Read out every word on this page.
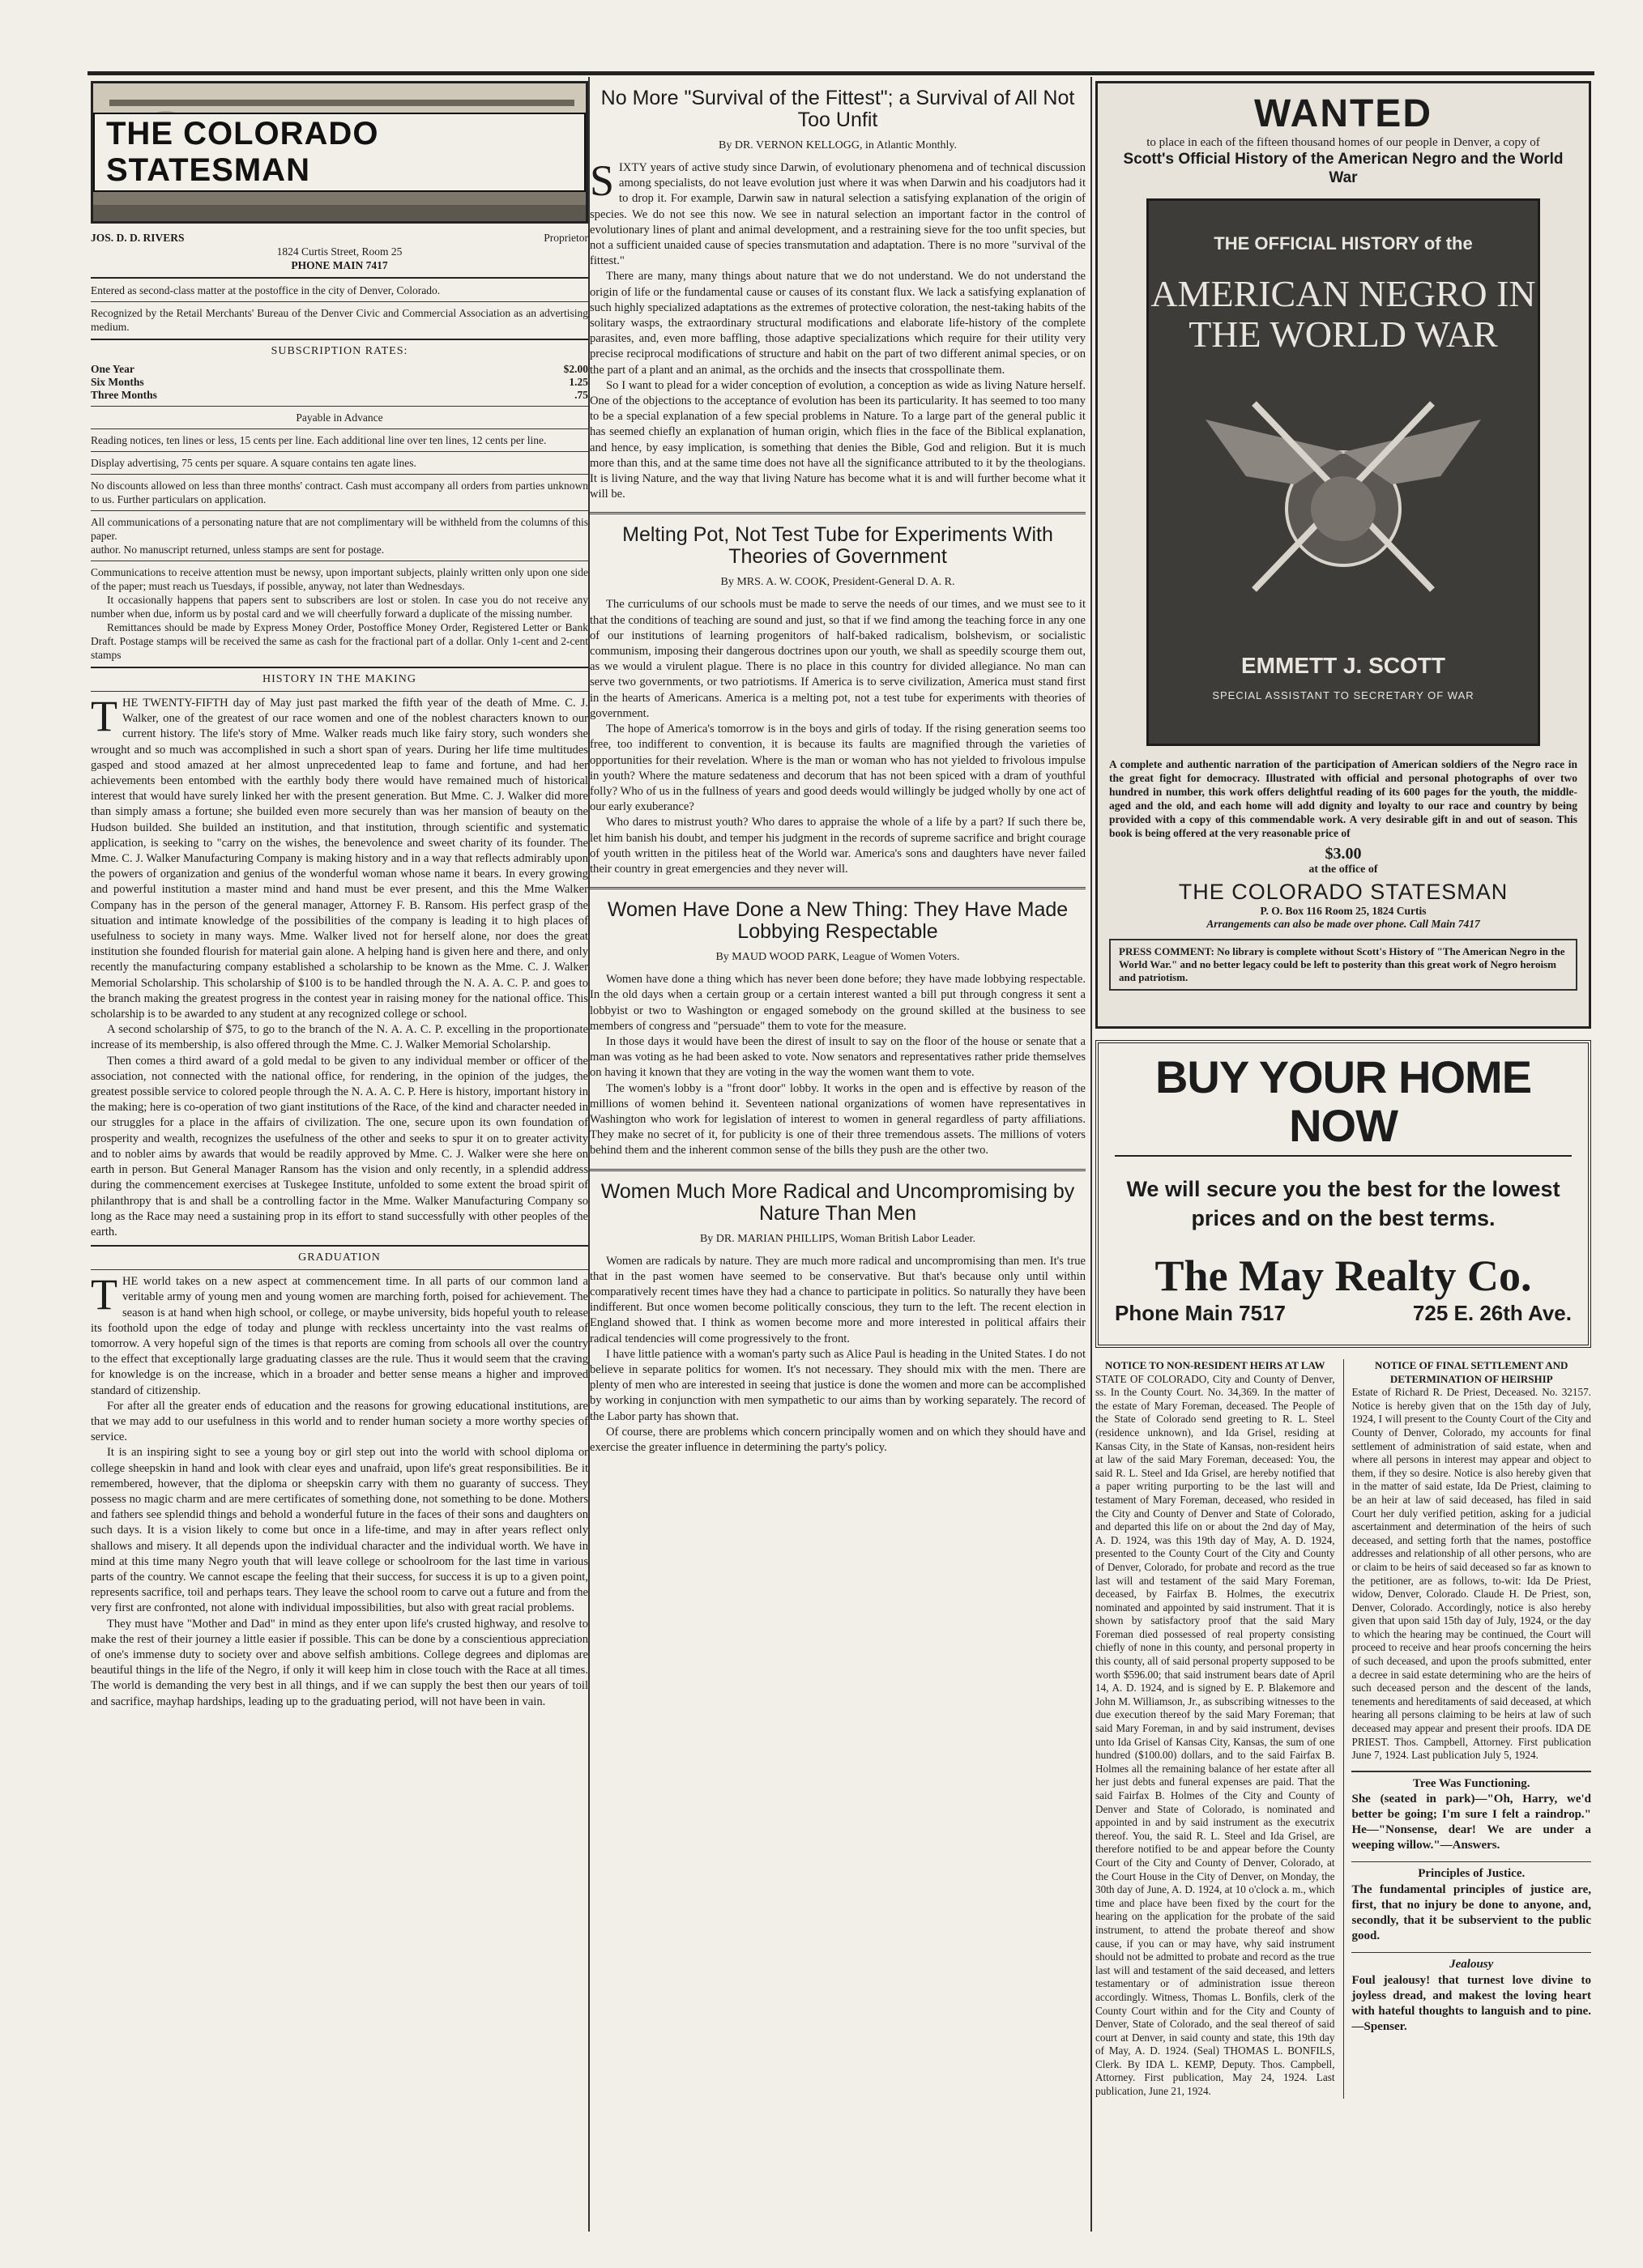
THE COLORADO STATESMAN
JOS. D. D. RIVERS	Proprietor
1824 Curtis Street, Room 25
PHONE MAIN 7417
Entered as second-class matter at the postoffice in the city of Denver, Colorado.
Recognized by the Retail Merchants' Bureau of the Denver Civic and Commercial Association as an advertising medium.
SUBSCRIPTION RATES:
One Year	$2.00
Six Months	1.25
Three Months	.75
Payable in Advance
Reading notices, ten lines or less, 15 cents per line. Each additional line over ten lines, 12 cents per line.
Display advertising, 75 cents per square. A square contains ten agate lines.
No discounts allowed on less than three months' contract. Cash must accompany all orders from parties unknown to us. Further particulars on application.
All communications of a personating nature that are not complimentary will be withheld from the columns of this paper.
author. No manuscript returned, unless stamps are sent for postage.
Communications to receive attention must be newsy, upon important subjects, plainly written only upon one side of the paper; must reach us Tuesdays, if possible, anyway, not later than Wednesdays.
It occasionally happens that papers sent to subscribers are lost or stolen. In case you do not receive any number when due, inform us by postal card and we will cheerfully forward a duplicate of the missing number.
Remittances should be made by Express Money Order, Postoffice Money Order, Registered Letter or Bank Draft. Postage stamps will be received the same as cash for the fractional part of a dollar. Only 1-cent and 2-cent stamps
HISTORY IN THE MAKING
T HE TWENTY-FIFTH day of May just past marked the fifth year of the death of Mme. C. J. Walker, one of the greatest of our race women and one of the noblest characters known to our current history. The life's story of Mme. Walker reads much like fairy story, such wonders she wrought and so much was accomplished in such a short span of years. During her life time multitudes gasped and stood amazed at her almost unprecedented leap to fame and fortune, and had her achievements been entombed with the earthly body there would have remained much of historical interest that would have surely linked her with the present generation. But Mme. C. J. Walker did more than simply amass a fortune; she builded even more securely than was her mansion of beauty on the Hudson builded. She builded an institution, and that institution, through scientific and systematic application, is seeking to "carry on the wishes, the benevolence and sweet charity of its founder. The Mme. C. J. Walker Manufacturing Company is making history and in a way that reflects admirably upon the powers of organization and genius of the wonderful woman whose name it bears. In every growing and powerful institution a master mind and hand must be ever present, and this the Mme Walker Company has in the person of the general manager, Attorney F. B. Ransom. His perfect grasp of the situation and intimate knowledge of the possibilities of the company is leading it to high places of usefulness to society in many ways. Mme. Walker lived not for herself alone, nor does the great institution she founded flourish for material gain alone. A helping hand is given here and there, and only recently the manufacturing company established a scholarship to be known as the Mme. C. J. Walker Memorial Scholarship. This scholarship of $100 is to be handled through the N. A. A. C. P. and goes to the branch making the greatest progress in the contest year in raising money for the national office. This scholarship is to be awarded to any student at any recognized college or school.

A second scholarship of $75, to go to the branch of the N. A. A. C. P. excelling in the proportionate increase of its membership, is also offered through the Mme. C. J. Walker Memorial Scholarship.

Then comes a third award of a gold medal to be given to any individual member or officer of the association, not connected with the national office, for rendering, in the opinion of the judges, the greatest possible service to colored people through the N. A. A. C. P. Here is history, important history in the making; here is co-operation of two giant institutions of the Race, of the kind and character needed in our struggles for a place in the affairs of civilization. The one, secure upon its own foundation of prosperity and wealth, recognizes the usefulness of the other and seeks to spur it on to greater activity and to nobler aims by awards that would be readily approved by Mme. C. J. Walker were she here on earth in person. But General Manager Ransom has the vision and only recently, in a splendid address during the commencement exercises at Tuskegee Institute, unfolded to some extent the broad spirit of philanthropy that is and shall be a controlling factor in the Mme. Walker Manufacturing Company so long as the Race may need a sustaining prop in its effort to stand successfully with other peoples of the earth.

GRADUATION
T HE world takes on a new aspect at commencement time. In all parts of our common land a veritable army of young men and young women are marching forth, poised for achievement. The season is at hand when high school, or college, or maybe university, bids hopeful youth to release its foothold upon the edge of today and plunge with reckless uncertainty into the vast realms of tomorrow. A very hopeful sign of the times is that reports are coming from schools all over the country to the effect that exceptionally large graduating classes are the rule. Thus it would seem that the craving for knowledge is on the increase, which in a broader and better sense means a higher and improved standard of citizenship.

For after all the greater ends of education and the reasons for growing educational institutions, are that we may add to our usefulness in this world and to render human society a more worthy species of service.

It is an inspiring sight to see a young boy or girl step out into the world with school diploma or college sheepskin in hand and look with clear eyes and unafraid, upon life's great responsibilities. Be it remembered, however, that the diploma or sheepskin carry with them no guaranty of success. They possess no magic charm and are mere certificates of something done, not something to be done. Mothers and fathers see splendid things and behold a wonderful future in the faces of their sons and daughters on such days. It is a vision likely to come but once in a life-time, and may in after years reflect only shallows and misery. It all depends upon the individual character and the individual worth. We have in mind at this time many Negro youth that will leave college or schoolroom for the last time in various parts of the country. We cannot escape the feeling that their success, for success it is up to a given point, represents sacrifice, toil and perhaps tears. They leave the school room to carve out a future and from the very first are confronted, not alone with individual impossibilities, but also with great racial problems.

They must have "Mother and Dad" in mind as they enter upon life's crusted highway, and resolve to make the rest of their journey a little easier if possible. This can be done by a conscientious appreciation of one's immense duty to society over and above selfish ambitions. College degrees and diplomas are beautiful things in the life of the Negro, if only it will keep him in close touch with the Race at all times. The world is demanding the very best in all things, and if we can supply the best then our years of toil and sacrifice, mayhap hardships, leading up to the graduating period, will not have been in vain.

No More "Survival of the Fittest"; a Survival of All Not Too Unfit
By DR. VERNON KELLOGG, in Atlantic Monthly.
S IXTY years of active study since Darwin, of evolutionary phenomena and of technical discussion among specialists, do not leave evolution just where it was when Darwin and his coadjutors had it to drop it. For example, Darwin saw in natural selection a satisfying explanation of the origin of species. We do not see this now. We see in natural selection an important factor in the control of evolutionary lines of plant and animal development, and a restraining sieve for the too unfit species, but not a sufficient unaided cause of species transmutation and adaptation. There is no more "survival of the fittest."

There are many, many things about nature that we do not understand. We do not understand the origin of life or the fundamental cause or causes of its constant flux. We lack a satisfying explanation of such highly specialized adaptations as the extremes of protective coloration, the nest-taking habits of the solitary wasps, the extraordinary structural modifications and elaborate life-history of the complete parasites, and, even more baffling, those adaptive specializations which require for their utility very precise reciprocal modifications of structure and habit on the part of two different animal species, or on the part of a plant and an animal, as the orchids and the insects that crosspollinate them.

So I want to plead for a wider conception of evolution, a conception as wide as living Nature herself. One of the objections to the acceptance of evolution has been its particularity. It has seemed to too many to be a special explanation of a few special problems in Nature. To a large part of the general public it has seemed chiefly an explanation of human origin, which flies in the face of the Biblical explanation, and hence, by easy implication, is something that denies the Bible, God and religion. But it is much more than this, and at the same time does not have all the significance attributed to it by the theologians. It is living Nature, and the way that living Nature has become what it is and will further become what it will be.

Melting Pot, Not Test Tube for Experiments With Theories of Government
By MRS. A. W. COOK, President-General D. A. R.

The curriculums of our schools must be made to serve the needs of our times, and we must see to it that the conditions of teaching are sound and just, so that if we find among the teaching force in any one of our institutions of learning progenitors of half-baked radicalism, bolshevism, or socialistic communism, imposing their dangerous doctrines upon our youth, we shall as speedily scourge them out, as we would a virulent plague. There is no place in this country for divided allegiance. No man can serve two governments, or two patriotisms. If America is to serve civilization, America must stand first in the hearts of Americans. America is a melting pot, not a test tube for experiments with theories of government.

The hope of America's tomorrow is in the boys and girls of today. If the rising generation seems too free, too indifferent to convention, it is because its faults are magnified through the varieties of opportunities for their revelation. Where is the man or woman who has not yielded to frivolous impulse in youth? Where the mature sedateness and decorum that has not been spiced with a dram of youthful folly? Who of us in the fullness of years and good deeds would willingly be judged wholly by one act of our early exuberance?

Who dares to mistrust youth? Who dares to appraise the whole of a life by a part? If such there be, let him banish his doubt, and temper his judgment in the records of supreme sacrifice and bright courage of youth written in the pitiless heat of the World war. America's sons and daughters have never failed their country in great emergencies and they never will.

Women Have Done a New Thing: They Have Made Lobbying Respectable
By MAUD WOOD PARK, League of Women Voters.

Women have done a thing which has never been done before; they have made lobbying respectable. In the old days when a certain group or a certain interest wanted a bill put through congress it sent a lobbyist or two to Washington or engaged somebody on the ground skilled at the business to see members of congress and "persuade" them to vote for the measure.

In those days it would have been the direst of insult to say on the floor of the house or senate that a man was voting as he had been asked to vote. Now senators and representatives rather pride themselves on having it known that they are voting in the way the women want them to vote.

The women's lobby is a "front door" lobby. It works in the open and is effective by reason of the millions of women behind it. Seventeen national organizations of women have representatives in Washington who work for legislation of interest to women in general regardless of party affiliations. They make no secret of it, for publicity is one of their three tremendous assets. The millions of voters behind them and the inherent common sense of the bills they push are the other two.

Women Much More Radical and Uncompromising by Nature Than Men
By DR. MARIAN PHILLIPS, Woman British Labor Leader.

Women are radicals by nature. They are much more radical and uncompromising than men. It's true that in the past women have seemed to be conservative. But that's because only until within comparatively recent times have they had a chance to participate in politics. So naturally they have been indifferent. But once women become politically conscious, they turn to the left. The recent election in England showed that. I think as women become more and more interested in political affairs their radical tendencies will come progressively to the front.

I have little patience with a woman's party such as Alice Paul is heading in the United States. I do not believe in separate politics for women. It's not necessary. They should mix with the men. There are plenty of men who are interested in seeing that justice is done the women and more can be accomplished by working in conjunction with men sympathetic to our aims than by working separately. The record of the Labor party has shown that.

Of course, there are problems which concern principally women and on which they should have and exercise the greater influence in determining the party's policy.

WANTED
to place in each of the fifteen thousand homes of our people in Denver, a copy of
Scott's Official History of the American Negro and the World War
THE OFFICIAL HISTORY of the
AMERICAN NEGRO IN THE WORLD WAR
EMMETT J. SCOTT
SPECIAL ASSISTANT TO SECRETARY OF WAR
A complete and authentic narration of the participation of American soldiers of the Negro race in the great fight for democracy. Illustrated with official and personal photographs of over two hundred in number, this work offers delightful reading of its 600 pages for the youth, the middle-aged and the old, and each home will add dignity and loyalty to our race and country by being provided with a copy of this commendable work. A very desirable gift in and out of season. This book is being offered at the very reasonable price of
$3.00
at the office of
THE COLORADO STATESMAN
P. O. Box 116 Room 25, 1824 Curtis
Arrangements can also be made over phone. Call Main 7417
PRESS COMMENT: No library is complete without Scott's History of "The American Negro in the World War." and no better legacy could be left to posterity than this great work of Negro heroism and patriotism.
BUY YOUR HOME NOW
We will secure you the best for the lowest prices and on the best terms.
The May Realty Co.
Phone Main 7517	725 E. 26th Ave.
NOTICE TO NON-RESIDENT HEIRS AT LAW
STATE OF COLORADO, City and County of Denver, ss. In the County Court. No. 34,369. In the matter of the estate of Mary Foreman, deceased. The People of the State of Colorado send greeting to R. L. Steel (residence unknown), and Ida Grisel, residing at Kansas City, in the State of Kansas, non-resident heirs at law of the said Mary Foreman, deceased: You, the said R. L. Steel and Ida Grisel, are hereby notified that a paper writing purporting to be the last will and testament of Mary Foreman, deceased, who resided in the City and County of Denver and State of Colorado, and departed this life on or about the 2nd day of May, A. D. 1924, was this 19th day of May, A. D. 1924, presented to the County Court of the City and County of Denver, Colorado, for probate and record as the true last will and testament of the said Mary Foreman, deceased, by Fairfax B. Holmes, the executrix nominated and appointed by said instrument. That it is shown by satisfactory proof that the said Mary Foreman died possessed of real property consisting chiefly of none in this county, and personal property in this county, all of said personal property supposed to be worth $596.00; that said instrument bears date of April 14, A. D. 1924, and is signed by E. P. Blakemore and John M. Williamson, Jr., as subscribing witnesses to the due execution thereof by the said Mary Foreman; that said Mary Foreman, in and by said instrument, devises unto Ida Grisel of Kansas City, Kansas, the sum of one hundred ($100.00) dollars, and to the said Fairfax B. Holmes all the remaining balance of her estate after all her just debts and funeral expenses are paid. That the said Fairfax B. Holmes of the City and County of Denver and State of Colorado, is nominated and appointed in and by said instrument as the executrix thereof. You, the said R. L. Steel and Ida Grisel, are therefore notified to be and appear before the County Court of the City and County of Denver, Colorado, at the Court House in the City of Denver, on Monday, the 30th day of June, A. D. 1924, at 10 o'clock a. m., which time and place have been fixed by the court for the hearing on the application for the probate of the said instrument, to attend the probate thereof and show cause, if you can or may have, why said instrument should not be admitted to probate and record as the true last will and testament of the said deceased, and letters testamentary or of administration issue thereon accordingly. Witness, Thomas L. Bonfils, clerk of the County Court within and for the City and County of Denver, State of Colorado, and the seal thereof of said court at Denver, in said county and state, this 19th day of May, A. D. 1924. (Seal) THOMAS L. BONFILS, Clerk. By IDA L. KEMP, Deputy. Thos. Campbell, Attorney. First publication, May 24, 1924. Last publication, June 21, 1924.
NOTICE OF FINAL SETTLEMENT AND DETERMINATION OF HEIRSHIP
Estate of Richard R. De Priest, Deceased. No. 32157. Notice is hereby given that on the 15th day of July, 1924, I will present to the County Court of the City and County of Denver, Colorado, my accounts for final settlement of administration of said estate, when and where all persons in interest may appear and object to them, if they so desire. Notice is also hereby given that in the matter of said estate, Ida De Priest, claiming to be an heir at law of said deceased, has filed in said Court her duly verified petition, asking for a judicial ascertainment and determination of the heirs of such deceased, and setting forth that the names, postoffice addresses and relationship of all other persons, who are or claim to be heirs of said deceased so far as known to the petitioner, are as follows, to-wit: Ida De Priest, widow, Denver, Colorado. Claude H. De Priest, son, Denver, Colorado. Accordingly, notice is also hereby given that upon said 15th day of July, 1924, or the day to which the hearing may be continued, the Court will proceed to receive and hear proofs concerning the heirs of such deceased, and upon the proofs submitted, enter a decree in said estate determining who are the heirs of such deceased person and the descent of the lands, tenements and hereditaments of said deceased, at which hearing all persons claiming to be heirs at law of such deceased may appear and present their proofs. IDA DE PRIEST. Thos. Campbell, Attorney. First publication June 7, 1924. Last publication July 5, 1924.
Tree Was Functioning.
She (seated in park)—"Oh, Harry, we'd better be going; I'm sure I felt a raindrop." He—"Nonsense, dear! We are under a weeping willow."—Answers.
Principles of Justice.
The fundamental principles of justice are, first, that no injury be done to anyone, and, secondly, that it be subservient to the public good.
Jealousy
Foul jealousy! that turnest love divine to joyless dread, and makest the loving heart with hateful thoughts to languish and to pine.—Spenser.
